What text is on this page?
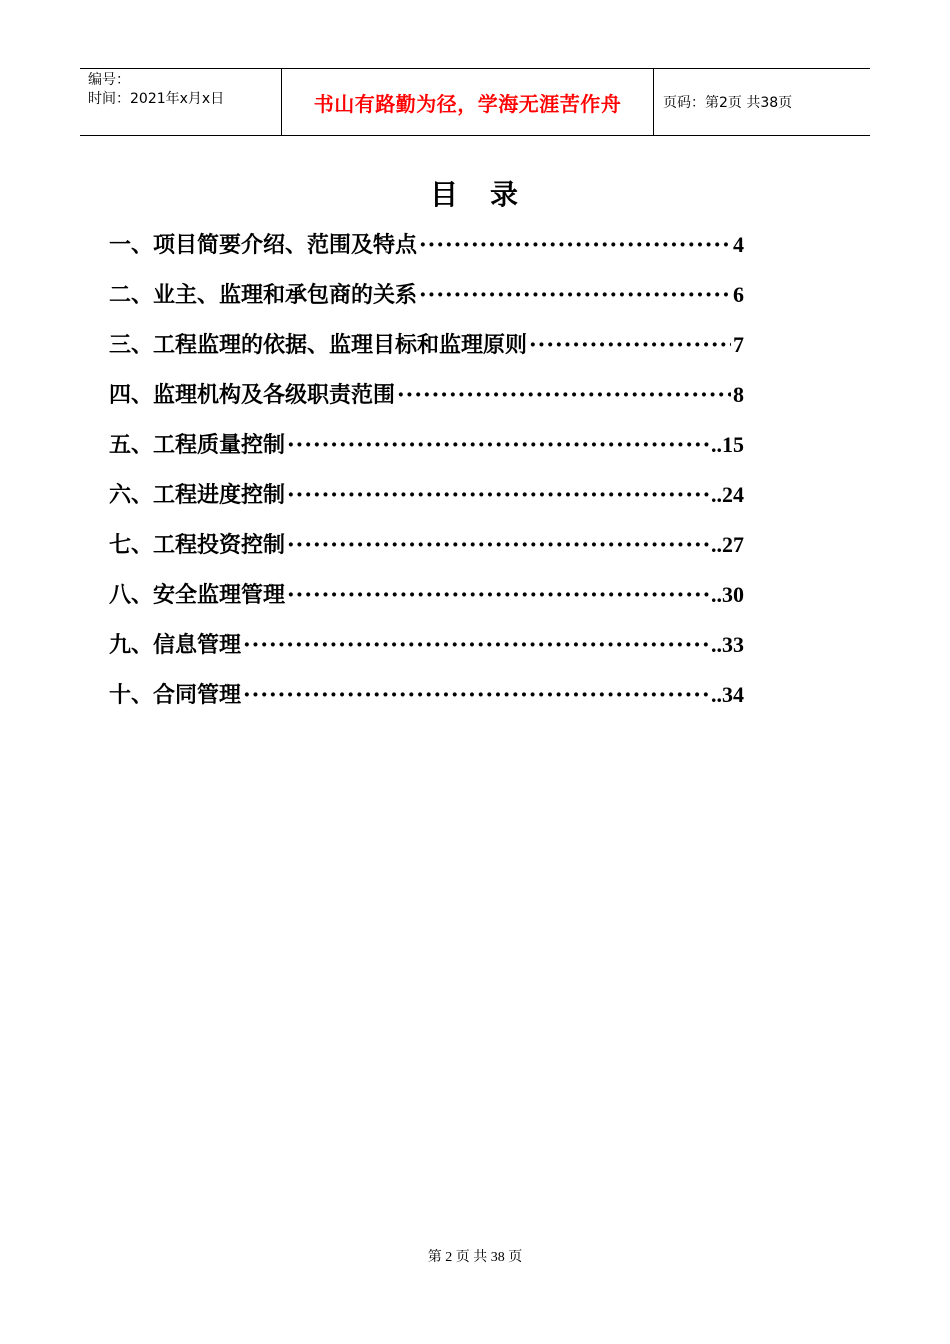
编号：
时间：2021年x月x日	书山有路勤为径，学海无涯苦作舟	页码：第2页 共38页
目 录
一、项目简要介绍、范围及特点 ·····	4
二、业主、监理和承包商的关系 ·····	6
三、工程监理的依据、监理目标和监理原则 ·····	7
四、监理机构及各级职责范围 ·····	8
五、工程质量控制 ·····	..15
六、工程进度控制 ·····	..24
七、工程投资控制 ·····	..27
八、安全监理管理 ·····	..30
九、信息管理 ·····	..33
十、合同管理 ·····	..34
第 2 页 共 38 页
